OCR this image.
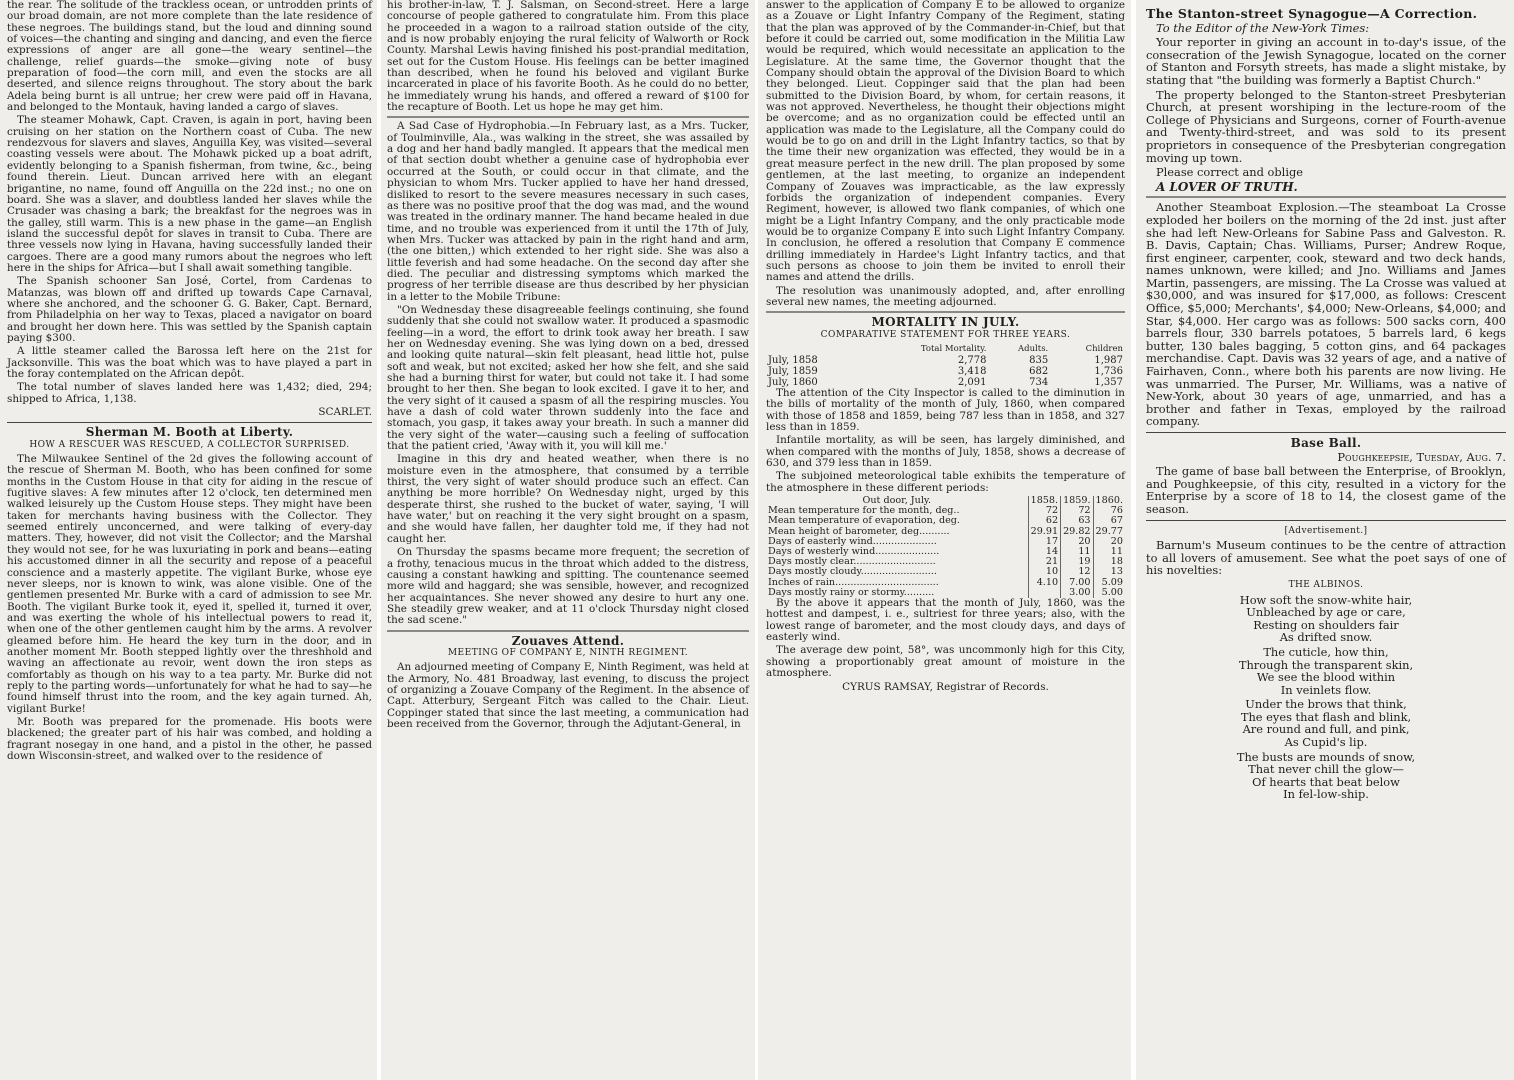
the rear. The solitude of the trackless ocean, or untrodden prints of our broad domain, are not more complete than the late residence of these negroes. The buildings stand, but the loud and dinning sound of voices—the chanting and singing and dancing, and even the fierce expressions of anger are all gone—the weary sentinel—the challenge, relief guards—the smoke—giving note of busy preparation of food—the corn mill, and even the stocks are all deserted, and silence reigns throughout. The story about the bark Adela being burnt is all untrue; her crew were paid off in Havana, and belonged to the Montauk, having landed a cargo of slaves.

The steamer Mohawk, Capt. Craven, is again in port, having been cruising on her station on the Northern coast of Cuba. The new rendezvous for slavers and slaves, Anguilla Key, was visited—several coasting vessels were about. The Mohawk picked up a boat adrift, evidently belonging to a Spanish fisherman, from twine, &c., being found therein. Lieut. Duncan arrived here with an elegant brigantine, no name, found off Anguilla on the 22d inst.; no one on board. She was a slaver, and doubtless landed her slaves while the Crusader was chasing a bark; the breakfast for the negroes was in the galley, still warm. This is a new phase in the game—an English island the successful depôt for slaves in transit to Cuba. There are three vessels now lying in Havana, having successfully landed their cargoes. There are a good many rumors about the negroes who left here in the ships for Africa—but I shall await something tangible.

The Spanish schooner San José, Cortel, from Cardenas to Matanzas, was blown off and drifted up towards Cape Carnaval, where she anchored, and the schooner G. G. Baker, Capt. Bernard, from Philadelphia on her way to Texas, placed a navigator on board and brought her down here. This was settled by the Spanish captain paying $300.

A little steamer called the Barossa left here on the 21st for Jacksonville. This was the boat which was to have played a part in the foray contemplated on the African depôt.

The total number of slaves landed here was 1,432; died, 294; shipped to Africa, 1,138.

SCARLET.

Sherman M. Booth at Liberty.
HOW A RESCUER WAS RESCUED, A COLLECTOR SURPRISED.

The Milwaukee Sentinel of the 2d gives the following account of the rescue of Sherman M. Booth, who has been confined for some months in the Custom House in that city for aiding in the rescue of fugitive slaves: A few minutes after 12 o'clock, ten determined men walked leisurely up the Custom House steps. They might have been taken for merchants having business with the Collector. They seemed entirely unconcerned, and were talking of every-day matters. They, however, did not visit the Collector; and the Marshal they would not see, for he was luxuriating in pork and beans—eating his accustomed dinner in all the security and repose of a peaceful conscience and a masterly appetite. The vigilant Burke, whose eye never sleeps, nor is known to wink, was alone visible. One of the gentlemen presented Mr. Burke with a card of admission to see Mr. Booth. The vigilant Burke took it, eyed it, spelled it, turned it over, and was exerting the whole of his intellectual powers to read it, when one of the other gentlemen caught him by the arms. A revolver gleamed before him. He heard the key turn in the door, and in another moment Mr. Booth stepped lightly over the threshhold and waving an affectionate au revoir, went down the iron steps as comfortably as though on his way to a tea party. Mr. Burke did not reply to the parting words—unfortunately for what he had to say—he found himself thrust into the room, and the key again turned. Ah, vigilant Burke!

Mr. Booth was prepared for the promenade. His boots were blackened; the greater part of his hair was combed, and holding a fragrant nosegay in one hand, and a pistol in the other, he passed down Wisconsin-street, and walked over to the residence of

his brother-in-law, T. J. Salsman, on Second-street. Here a large concourse of people gathered to congratulate him. From this place he proceeded in a wagon to a railroad station outside of the city, and is now probably enjoying the rural felicity of Walworth or Rock County. Marshal Lewis having finished his post-prandial meditation, set out for the Custom House. His feelings can be better imagined than described, when he found his beloved and vigilant Burke incarcerated in place of his favorite Booth. As he could do no better, he immediately wrung his hands, and offered a reward of $100 for the recapture of Booth. Let us hope he may get him.

A Sad Case of Hydrophobia.—In February last, as a Mrs. Tucker, of Toulminville, Ala., was walking in the street, she was assailed by a dog and her hand badly mangled. It appears that the medical men of that section doubt whether a genuine case of hydrophobia ever occurred at the South, or could occur in that climate, and the physician to whom Mrs. Tucker applied to have her hand dressed, disliked to resort to the severe measures necessary in such cases, as there was no positive proof that the dog was mad, and the wound was treated in the ordinary manner. The hand became healed in due time, and no trouble was experienced from it until the 17th of July, when Mrs. Tucker was attacked by pain in the right hand and arm, (the one bitten,) which extended to her right side. She was also a little feverish and had some headache. On the second day after she died. The peculiar and distressing symptoms which marked the progress of her terrible disease are thus described by her physician in a letter to the Mobile Tribune:

"On Wednesday these disagreeable feelings continuing, she found suddenly that she could not swallow water. It produced a spasmodic feeling—in a word, the effort to drink took away her breath. I saw her on Wednesday evening. She was lying down on a bed, dressed and looking quite natural—skin felt pleasant, head little hot, pulse soft and weak, but not excited; asked her how she felt, and she said she had a burning thirst for water, but could not take it. I had some brought to her then. She began to look excited. I gave it to her, and the very sight of it caused a spasm of all the respiring muscles. You have a dash of cold water thrown suddenly into the face and stomach, you gasp, it takes away your breath. In such a manner did the very sight of the water—causing such a feeling of suffocation that the patient cried, 'Away with it, you will kill me.'

Imagine in this dry and heated weather, when there is no moisture even in the atmosphere, that consumed by a terrible thirst, the very sight of water should produce such an effect. Can anything be more horrible? On Wednesday night, urged by this desperate thirst, she rushed to the bucket of water, saying, 'I will have water,' but on reaching it the very sight brought on a spasm, and she would have fallen, her daughter told me, if they had not caught her.

On Thursday the spasms became more frequent; the secretion of a frothy, tenacious mucus in the throat which added to the distress, causing a constant hawking and spitting. The countenance seemed more wild and haggard; she was sensible, however, and recognized her acquaintances. She never showed any desire to hurt any one. She steadily grew weaker, and at 11 o'clock Thursday night closed the sad scene."

Zouaves Attend.
MEETING OF COMPANY E, NINTH REGIMENT.

An adjourned meeting of Company E, Ninth Regiment, was held at the Armory, No. 481 Broadway, last evening, to discuss the project of organizing a Zouave Company of the Regiment. In the absence of Capt. Atterbury, Sergeant Fitch was called to the Chair. Lieut. Coppinger stated that since the last meeting, a communication had been received from the Governor, through the Adjutant-General, in

answer to the application of Company E to be allowed to organize as a Zouave or Light Infantry Company of the Regiment, stating that the plan was approved of by the Commander-in-Chief, but that before it could be carried out, some modification in the Militia Law would be required, which would necessitate an application to the Legislature. At the same time, the Governor thought that the Company should obtain the approval of the Division Board to which they belonged. Lieut. Coppinger said that the plan had been submitted to the Division Board, by whom, for certain reasons, it was not approved. Nevertheless, he thought their objections might be overcome; and as no organization could be effected until an application was made to the Legislature, all the Company could do would be to go on and drill in the Light Infantry tactics, so that by the time their new organization was effected, they would be in a great measure perfect in the new drill. The plan proposed by some gentlemen, at the last meeting, to organize an independent Company of Zouaves was impracticable, as the law expressly forbids the organization of independent companies. Every Regiment, however, is allowed two flank companies, of which one might be a Light Infantry Company, and the only practicable mode would be to organize Company E into such Light Infantry Company. In conclusion, he offered a resolution that Company E commence drilling immediately in Hardee's Light Infantry tactics, and that such persons as choose to join them be invited to enroll their names and attend the drills.

The resolution was unanimously adopted, and, after enrolling several new names, the meeting adjourned.

MORTALITY IN JULY.
COMPARATIVE STATEMENT FOR THREE YEARS.
	Total Mortality.	Adults.	Children
July, 1858	2,778	835	1,987
July, 1859	3,418	682	1,736
July, 1860	2,091	734	1,357

The attention of the City Inspector is called to the diminution in the bills of mortality of the month of July, 1860, when compared with those of 1858 and 1859, being 787 less than in 1858, and 327 less than in 1859.

Infantile mortality, as will be seen, has largely diminished, and when compared with the months of July, 1858, shows a decrease of 630, and 379 less than in 1859.

The subjoined meteorological table exhibits the temperature of the atmosphere in these different periods:

Out door, July.	1858.	1859.	1860.
Mean temperature for the month, deg..	72	72	76
Mean temperature of evaporation, deg.	62	63	67
Mean height of barometer, deg..........	29.91	29.82	29.77
Days of easterly wind.....................	17	20	20
Days of westerly wind.....................	14	11	11
Days mostly clear...........................	21	19	18
Days mostly cloudy.........................	10	12	13
Inches of rain..................................	4.10	7.00	5.09
Days mostly rainy or stormy..........		3.00	5.00

By the above it appears that the month of July, 1860, was the hottest and dampest, i. e., sultriest for three years; also, with the lowest range of barometer, and the most cloudy days, and days of easterly wind.

The average dew point, 58°, was uncommonly high for this City, showing a proportionably great amount of moisture in the atmosphere.

CYRUS RAMSAY, Registrar of Records.

The Stanton-street Synagogue—A Correction.

To the Editor of the New-York Times:

Your reporter in giving an account in to-day's issue, of the consecration of the Jewish Synagogue, located on the corner of Stanton and Forsyth streets, has made a slight mistake, by stating that "the building was formerly a Baptist Church."

The property belonged to the Stanton-street Presbyterian Church, at present worshiping in the lecture-room of the College of Physicians and Surgeons, corner of Fourth-avenue and Twenty-third-street, and was sold to its present proprietors in consequence of the Presbyterian congregation moving up town.

Please correct and oblige

A LOVER OF TRUTH.

Another Steamboat Explosion.—The steamboat La Crosse exploded her boilers on the morning of the 2d inst. just after she had left New-Orleans for Sabine Pass and Galveston. R. B. Davis, Captain; Chas. Williams, Purser; Andrew Roque, first engineer, carpenter, cook, steward and two deck hands, names unknown, were killed; and Jno. Williams and James Martin, passengers, are missing. The La Crosse was valued at $30,000, and was insured for $17,000, as follows: Crescent Office, $5,000; Merchants', $4,000; New-Orleans, $4,000; and Star, $4,000. Her cargo was as follows: 500 sacks corn, 400 barrels flour, 330 barrels potatoes, 5 barrels lard, 6 kegs butter, 130 bales bagging, 5 cotton gins, and 64 packages merchandise. Capt. Davis was 32 years of age, and a native of Fairhaven, Conn., where both his parents are now living. He was unmarried. The Purser, Mr. Williams, was a native of New-York, about 30 years of age, unmarried, and has a brother and father in Texas, employed by the railroad company.

Base Ball.

Poughkeepsie, Tuesday, Aug. 7.

The game of base ball between the Enterprise, of Brooklyn, and Poughkeepsie, of this city, resulted in a victory for the Enterprise by a score of 18 to 14, the closest game of the season.

[Advertisement.]

Barnum's Museum continues to be the centre of attraction to all lovers of amusement. See what the poet says of one of his novelties:

THE ALBINOS.

How soft the snow-white hair,
Unbleached by age or care,
Resting on shoulders fair
As drifted snow.
The cuticle, how thin,
Through the transparent skin,
We see the blood within
In veinlets flow.
Under the brows that think,
The eyes that flash and blink,
Are round and full, and pink,
As Cupid's lip.
The busts are mounds of snow,
That never chill the glow—
Of hearts that beat below
In fel-low-ship.
